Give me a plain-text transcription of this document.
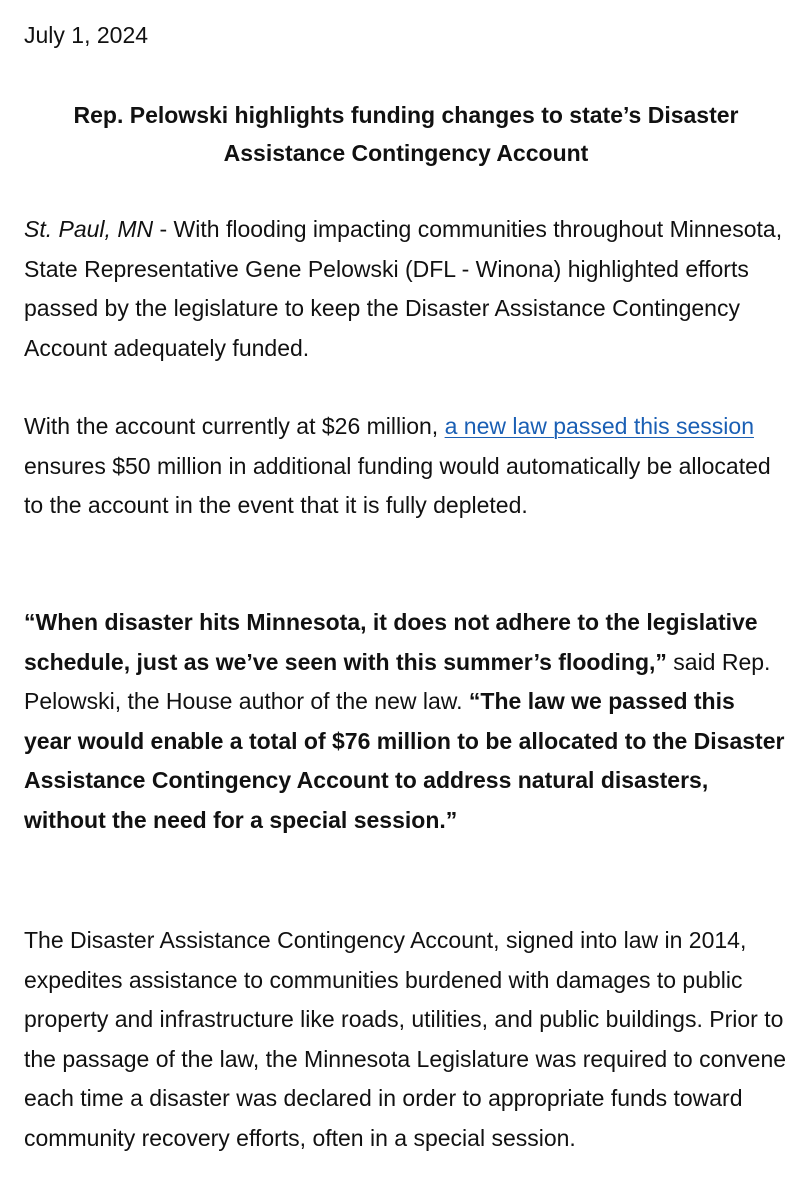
July 1, 2024

Rep. Pelowski highlights funding changes to state’s Disaster Assistance Contingency Account

St. Paul, MN - With flooding impacting communities throughout Minnesota, State Representative Gene Pelowski (DFL - Winona) highlighted efforts passed by the legislature to keep the Disaster Assistance Contingency Account adequately funded.

With the account currently at $26 million, a new law passed this session ensures $50 million in additional funding would automatically be allocated to the account in the event that it is fully depleted.

“When disaster hits Minnesota, it does not adhere to the legislative schedule, just as we’ve seen with this summer’s flooding,” said Rep. Pelowski, the House author of the new law. “The law we passed this year would enable a total of $76 million to be allocated to the Disaster Assistance Contingency Account to address natural disasters, without the need for a special session.”

The Disaster Assistance Contingency Account, signed into law in 2014, expedites assistance to communities burdened with damages to public property and infrastructure like roads, utilities, and public buildings. Prior to the passage of the law, the Minnesota Legislature was required to convene each time a disaster was declared in order to appropriate funds toward community recovery efforts, often in a special session.
